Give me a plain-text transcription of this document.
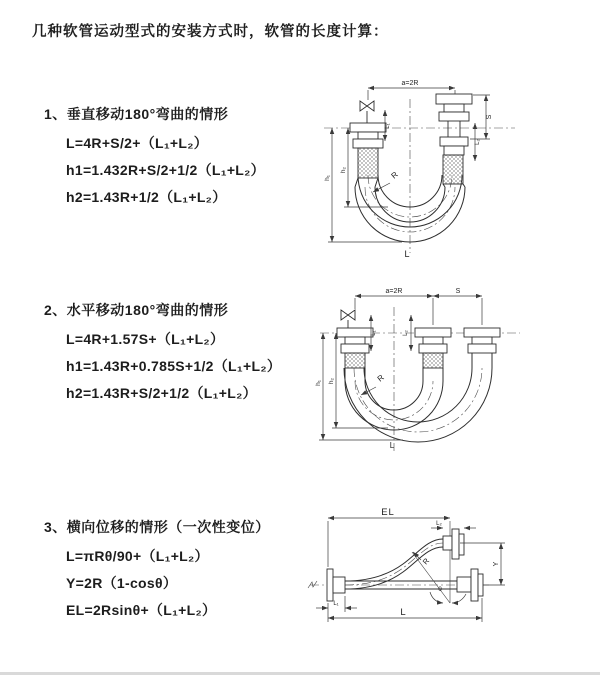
几种软管运动型式的安装方式时，软管的长度计算：
1、垂直移动180°弯曲的情形
L=4R+S/2+（L₁+L₂）
h1=1.432R+S/2+1/2（L₁+L₂）
h2=1.43R+1/2（L₁+L₂）
2、水平移动180°弯曲的情形
L=4R+1.57S+（L₁+L₂）
h1=1.43R+0.785S+1/2（L₁+L₂）
h2=1.43R+S/2+1/2（L₁+L₂）
3、横向位移的情形（一次性变位）
L=πRθ/90+（L₁+L₂）
Y=2R（1-cosθ）
EL=2Rsinθ+（L₁+L₂）
a=2R
S
L₂
L₁
h₁
h₂	R
L
a=2R	S
L₁	L₂
h₁ h₂	R
L
EL
L₂
Y
L
L₁
R
θ
